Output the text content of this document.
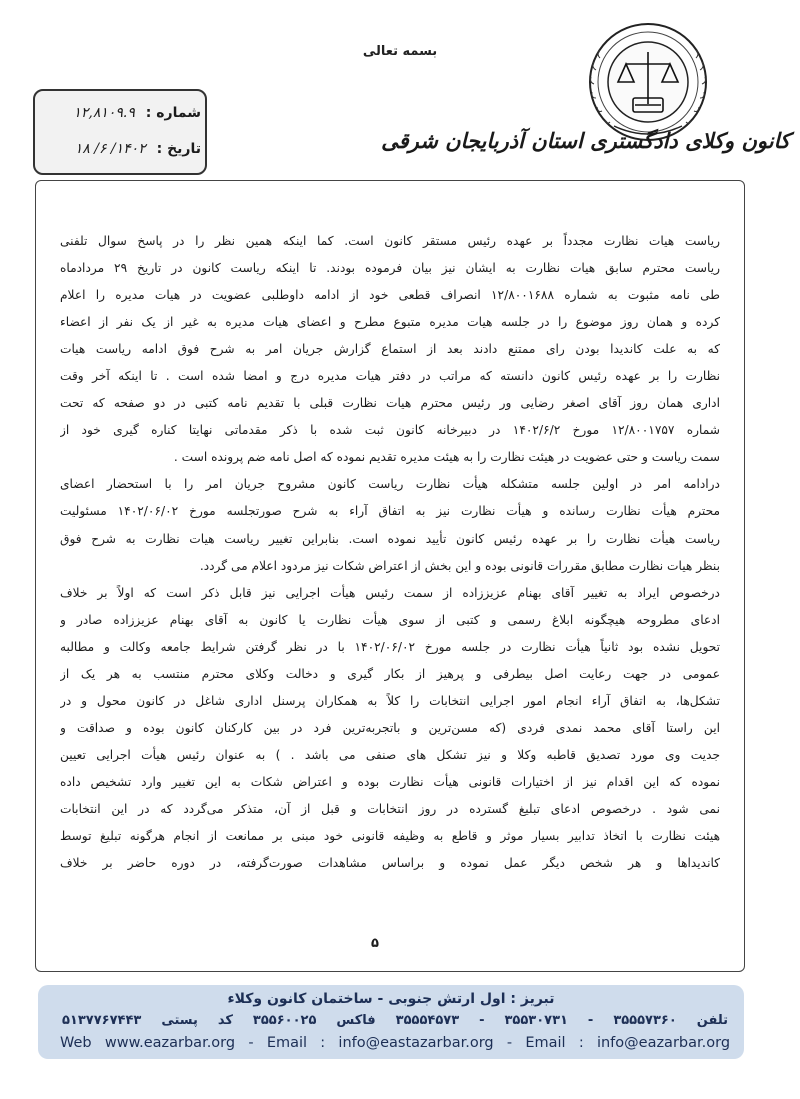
بسمه تعالی
کانون وکلای دادگستری استان آذربایجان شرقی
شماره : ۱۲,۸۱۰۹.۹
تاریخ : ۱۴۰۲/ ۶/ ۱۸
ریاست هیات نظارت مجدداً بر عهده رئیس مستقر کانون است. کما اینکه همین نظر را در پاسخ سوال تلفنی
ریاست محترم سابق هیات نظارت به ایشان نیز بیان فرموده بودند. تا اینکه ریاست کانون در تاریخ ۲۹ مردادماه
طی نامه مثبوت به شماره ۱۲/۸۰۰۱۶۸۸ انصراف قطعی خود از ادامه داوطلبی عضویت در هیات مدیره را اعلام
کرده و همان روز موضوع را در جلسه هیات مدیره متبوع مطرح و اعضای هیات مدیره به غیر از یک نفر از اعضاء
که به علت کاندیدا بودن رای ممتنع دادند بعد از استماع گزارش جریان امر به شرح فوق ادامه ریاست هیات
نظارت را بر عهده رئیس کانون دانسته که مراتب در دفتر هیات مدیره درج و امضا شده است . تا اینکه آخر وقت
اداری همان روز آقای اصغر رضایی ور رئیس محترم هیات نظارت قبلی با تقدیم نامه کتبی در دو صفحه که تحت
شماره ۱۲/۸۰۰۱۷۵۷ مورخ ۱۴۰۲/۶/۲ در دبیرخانه کانون ثبت شده با ذکر مقدماتی نهایتا کناره گیری خود از
سمت ریاست و حتی عضویت در هیئت نظارت را به هیئت مدیره تقدیم نموده که اصل نامه ضم پرونده است .
درادامه امر در اولین جلسه متشکله هیأت نظارت ریاست کانون مشروح جریان امر را با استحضار اعضای
محترم هیأت نظارت رسانده و هیأت نظارت نیز به اتفاق آراء به شرح صورتجلسه مورخ ۱۴۰۲/۰۶/۰۲ مسئولیت
ریاست هیأت نظارت را بر عهده رئیس کانون تأیید نموده است. بنابراین تغییر ریاست هیات نظارت به شرح فوق
بنظر هیات نظارت مطابق مقررات قانونی بوده و این بخش از اعتراض شکات نیز مردود اعلام می گردد.
درخصوص ایراد به تغییر آقای بهنام عزیززاده از سمت رئیس هیأت اجرایی نیز قابل ذکر است که اولاً بر خلاف
ادعای مطروحه هیچگونه ابلاغ رسمی و کتبی از سوی هیأت نظارت یا کانون به آقای بهنام عزیززاده صادر و
تحویل نشده بود ثانیاً هیأت نظارت در جلسه مورخ ۱۴۰۲/۰۶/۰۲ با در نظر گرفتن شرایط جامعه وکالت و مطالبه
عمومی در جهت رعایت اصل بیطرفی و پرهیز از بکار گیری و دخالت وکلای محترم منتسب به هر یک از
تشکل‌ها، به اتفاق آراء انجام امور اجرایی انتخابات را کلاً به همکاران پرسنل اداری شاغل در کانون محول و در
این راستا آقای محمد نمدی فردی (که مسن‌ترین و باتجربه‌ترین فرد در بین کارکنان کانون بوده و صداقت و
جدیت وی مورد تصدیق قاطبه وکلا و نیز تشکل های صنفی می باشد . ) به عنوان رئیس هیأت اجرایی تعیین
نموده که این اقدام نیز از اختیارات قانونی هیأت نظارت بوده و اعتراض شکات به این تغییر وارد تشخیص داده
نمی شود . درخصوص ادعای تبلیغ گسترده در روز انتخابات و قبل از آن، متذکر می‌گردد که در این انتخابات
هیئت نظارت با اتخاذ تدابیر بسیار موثر و قاطع به وظیفه قانونی خود مبنی بر ممانعت از انجام هرگونه تبلیغ توسط
کاندیداها و هر شخص دیگر عمل نموده و براساس مشاهدات صورت‌گرفته، در دوره حاضر بر خلاف
۵
تبریز : اول ارتش جنوبی - ساختمان کانون وکلاء
تلفن ۳۵۵۵۷۳۶۰ - ۳۵۵۳۰۷۳۱ - ۳۵۵۵۴۵۷۳ فاکس ۳۵۵۶۰۰۲۵ کد پستی ۵۱۳۷۷۶۷۴۴۳
Web www.eazarbar.org - Email : info@eastazarbar.org - Email : info@eazarbar.org
